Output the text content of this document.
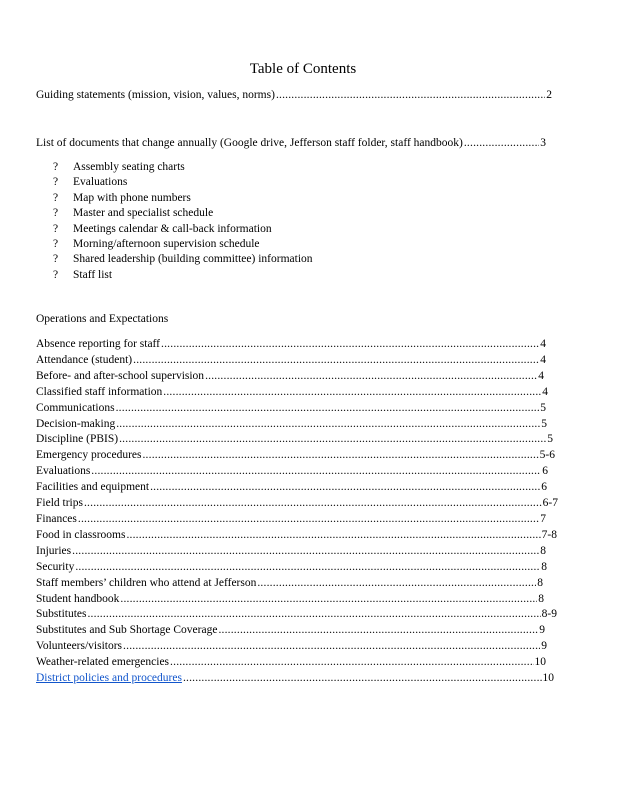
Table of Contents
Guiding statements (mission, vision, values, norms) .....	2
List of documents that change annually (Google drive, Jefferson staff folder, staff handbook) .....	3
?	Assembly seating charts
?	Evaluations
?	Map with phone numbers
?	Master and specialist schedule
?	Meetings calendar & call-back information
?	Morning/afternoon supervision schedule
?	Shared leadership (building committee) information
?	Staff list
Operations and Expectations
Absence reporting for staff .....	4
Attendance (student) .....	4
Before- and after-school supervision .....	4
Classified staff information .....	4
Communications .....	5
Decision-making .....	5
Discipline (PBIS) .....	5
Emergency procedures .....	5-6
Evaluations .....	6
Facilities and equipment .....	6
Field trips .....	6-7
Finances .....	7
Food in classrooms .....	7-8
Injuries .....	8
Security .....	8
Staff members’ children who attend at Jefferson .....	8
Student handbook .....	8
Substitutes .....	8-9
Substitutes and Sub Shortage Coverage .....	9
Volunteers/visitors .....	9
Weather-related emergencies .....	10
District policies and procedures .....	10
